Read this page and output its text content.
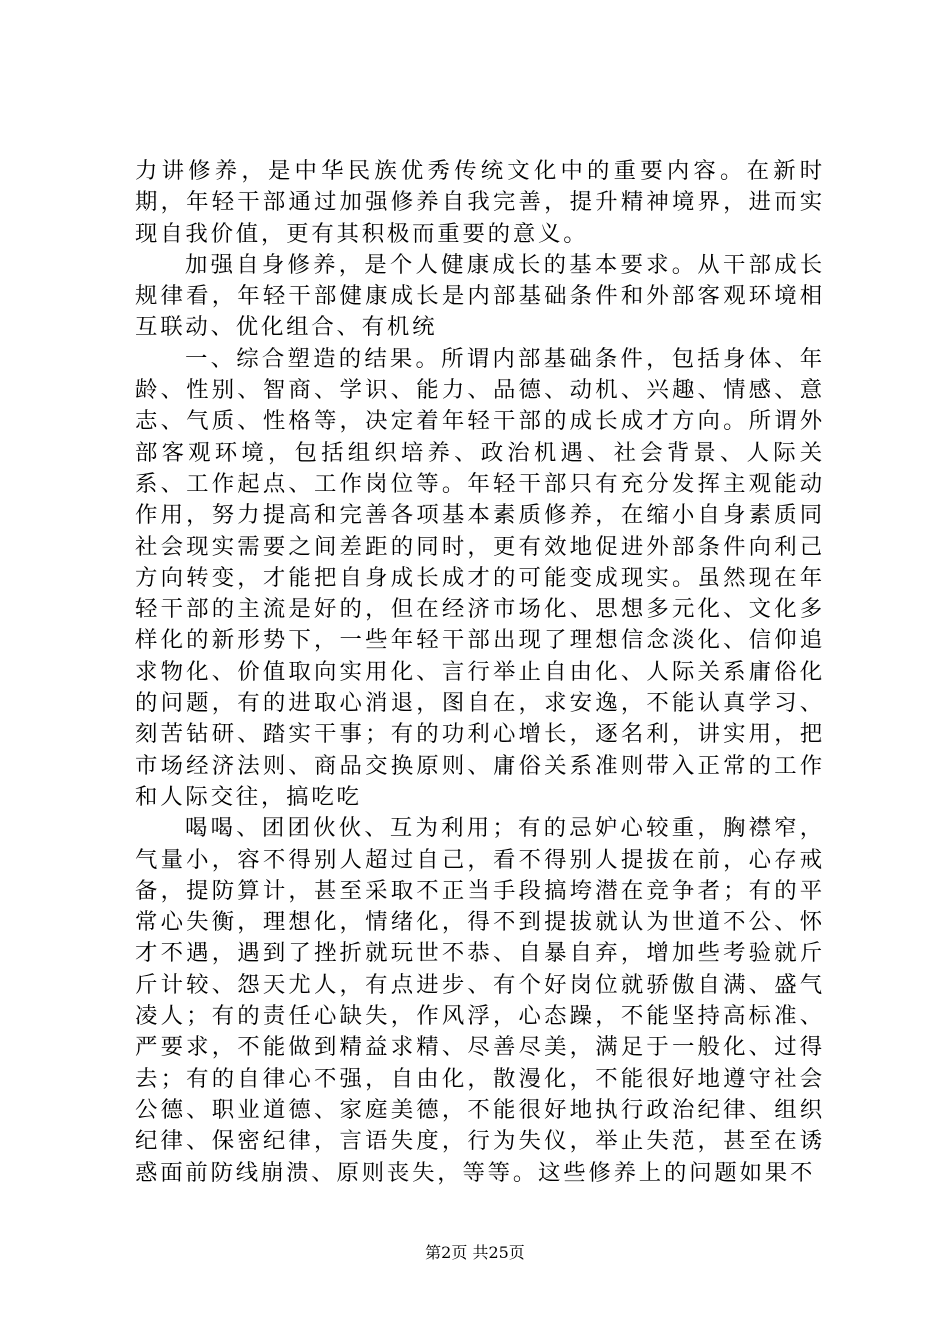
力讲修养，是中华民族优秀传统文化中的重要内容。在新时期，年轻干部通过加强修养自我完善，提升精神境界，进而实现自我价值，更有其积极而重要的意义。

加强自身修养，是个人健康成长的基本要求。从干部成长规律看，年轻干部健康成长是内部基础条件和外部客观环境相互联动、优化组合、有机统

一、综合塑造的结果。所谓内部基础条件，包括身体、年龄、性别、智商、学识、能力、品德、动机、兴趣、情感、意志、气质、性格等，决定着年轻干部的成长成才方向。所谓外部客观环境，包括组织培养、政治机遇、社会背景、人际关系、工作起点、工作岗位等。年轻干部只有充分发挥主观能动作用，努力提高和完善各项基本素质修养，在缩小自身素质同社会现实需要之间差距的同时，更有效地促进外部条件向利己方向转变，才能把自身成长成才的可能变成现实。虽然现在年轻干部的主流是好的，但在经济市场化、思想多元化、文化多样化的新形势下，一些年轻干部出现了理想信念淡化、信仰追求物化、价值取向实用化、言行举止自由化、人际关系庸俗化的问题，有的进取心消退，图自在，求安逸，不能认真学习、刻苦钻研、踏实干事；有的功利心增长，逐名利，讲实用，把市场经济法则、商品交换原则、庸俗关系准则带入正常的工作和人际交往，搞吃吃

喝喝、团团伙伙、互为利用；有的忌妒心较重，胸襟窄，气量小，容不得别人超过自己，看不得别人提拔在前，心存戒备，提防算计，甚至采取不正当手段搞垮潜在竞争者；有的平常心失衡，理想化，情绪化，得不到提拔就认为世道不公、怀才不遇，遇到了挫折就玩世不恭、自暴自弃，增加些考验就斤斤计较、怨天尤人，有点进步、有个好岗位就骄傲自满、盛气凌人；有的责任心缺失，作风浮，心态躁，不能坚持高标准、严要求，不能做到精益求精、尽善尽美，满足于一般化、过得去；有的自律心不强，自由化，散漫化，不能很好地遵守社会公德、职业道德、家庭美德，不能很好地执行政治纪律、组织纪律、保密纪律，言语失度，行为失仪，举止失范，甚至在诱惑面前防线崩溃、原则丧失，等等。这些修养上的问题如果不

第2页 共25页
